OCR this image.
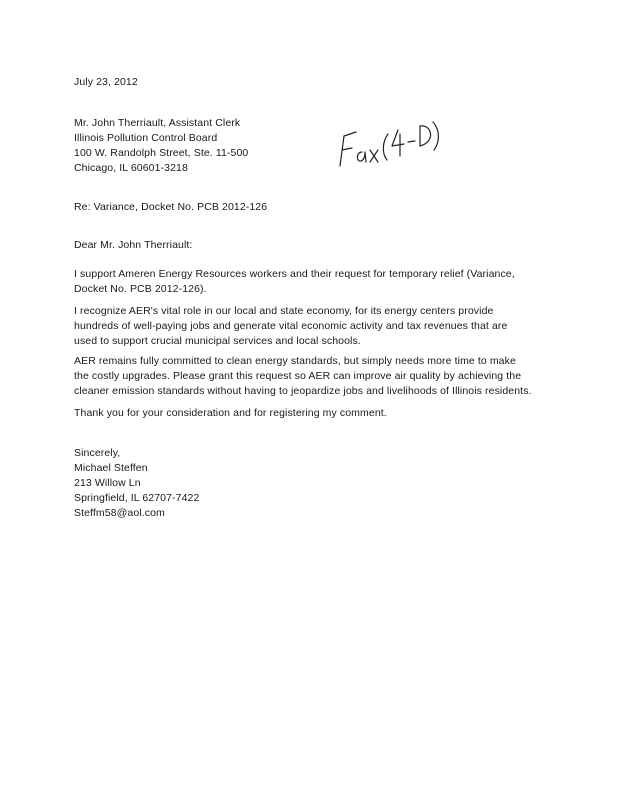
July 23, 2012
Mr. John Therriault, Assistant Clerk
Illinois Pollution Control Board
100 W. Randolph Street, Ste. 11-500
Chicago, IL 60601-3218
Re: Variance, Docket No. PCB 2012-126
Dear Mr. John Therriault:
I support Ameren Energy Resources workers and their request for temporary relief (Variance,
Docket No. PCB 2012-126).
I recognize AER's vital role in our local and state economy, for its energy centers provide
hundreds of well-paying jobs and generate vital economic activity and tax revenues that are
used to support crucial municipal services and local schools.
AER remains fully committed to clean energy standards, but simply needs more time to make
the costly upgrades. Please grant this request so AER can improve air quality by achieving the
cleaner emission standards without having to jeopardize jobs and livelihoods of Illinois residents.
Thank you for your consideration and for registering my comment.
Sincerely,
Michael Steffen
213 Willow Ln
Springfield, IL 62707-7422
Steffm58@aol.com
